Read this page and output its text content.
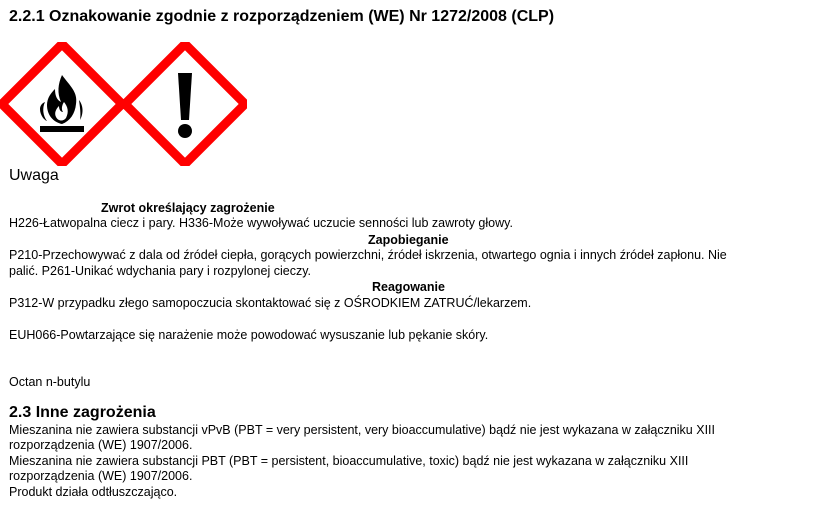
2.2.1 Oznakowanie zgodnie z rozporządzeniem (WE) Nr 1272/2008 (CLP)
Uwaga
Zwrot określający zagrożenie
H226-Łatwopalna ciecz i pary. H336-Może wywoływać uczucie senności lub zawroty głowy.
Zapobieganie
P210-Przechowywać z dala od źródeł ciepła, gorących powierzchni, źródeł iskrzenia, otwartego ognia i innych źródeł zapłonu. Nie
palić. P261-Unikać wdychania pary i rozpylonej cieczy.
Reagowanie
P312-W przypadku złego samopoczucia skontaktować się z OŚRODKIEM ZATRUĆ/lekarzem.
EUH066-Powtarzające się narażenie może powodować wysuszanie lub pękanie skóry.
Octan n-butylu
2.3 Inne zagrożenia
Mieszanina nie zawiera substancji vPvB (PBT = very persistent, very bioaccumulative) bądź nie jest wykazana w załączniku XIII
rozporządzenia (WE) 1907/2006.
Mieszanina nie zawiera substancji PBT (PBT = persistent, bioaccumulative, toxic) bądź nie jest wykazana w załączniku XIII
rozporządzenia (WE) 1907/2006.
Produkt działa odtłuszczająco.
